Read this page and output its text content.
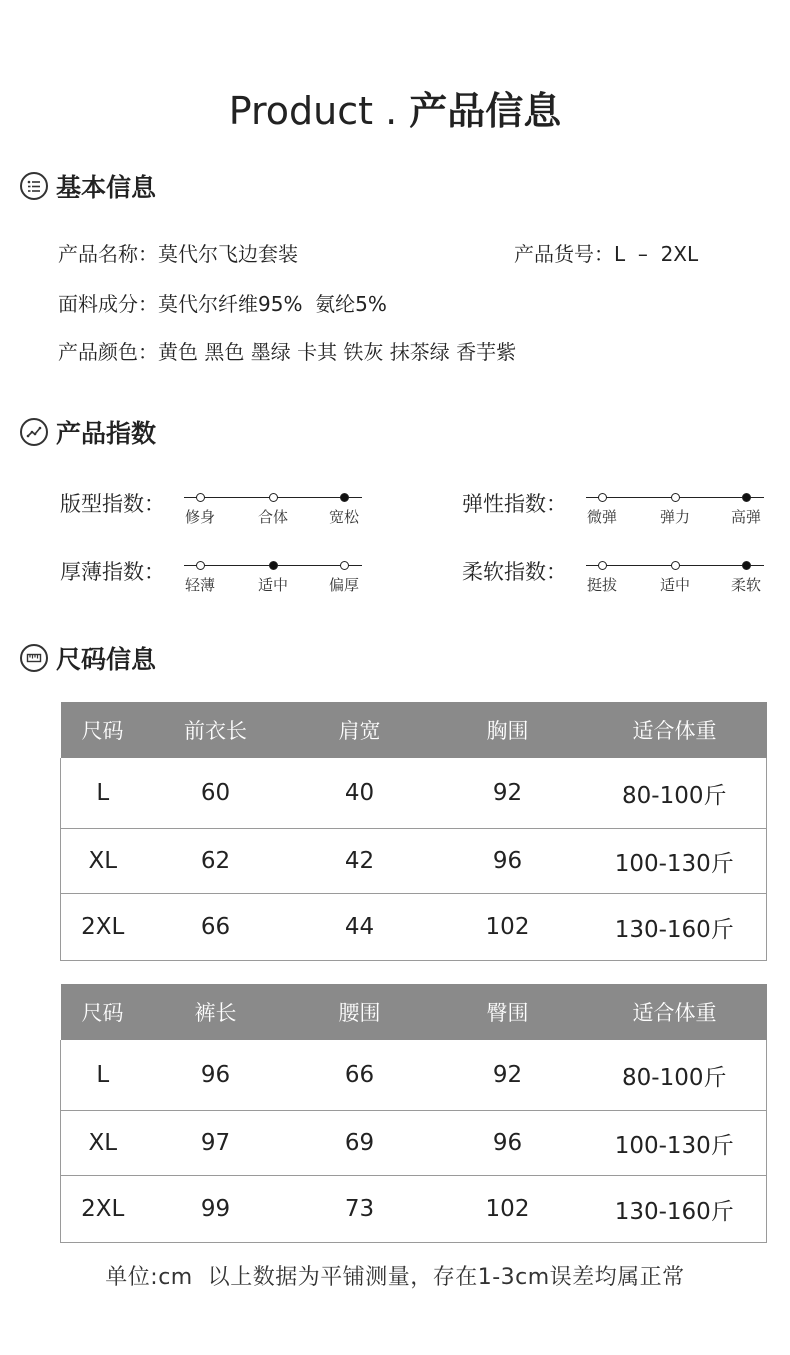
Product . 产品信息
基本信息
产品名称：莫代尔飞边套装	产品货号：L  –  2XL
面料成分：莫代尔纤维95%  氨纶5%
产品颜色：黄色 黑色 墨绿 卡其 铁灰 抹茶绿 香芋紫
产品指数
版型指数：
修身	合体	宽松
弹性指数：
微弹	弹力	高弹
厚薄指数：
轻薄	适中	偏厚
柔软指数：
挺拔	适中	柔软
尺码信息
尺码	前衣长	肩宽	胸围	适合体重
L	60	40	92	80-100斤
XL	62	42	96	100-130斤
2XL	66	44	102	130-160斤
尺码	裤长	腰围	臀围	适合体重
L	96	66	92	80-100斤
XL	97	69	96	100-130斤
2XL	99	73	102	130-160斤
单位:cm  以上数据为平铺测量，存在1-3cm误差均属正常
